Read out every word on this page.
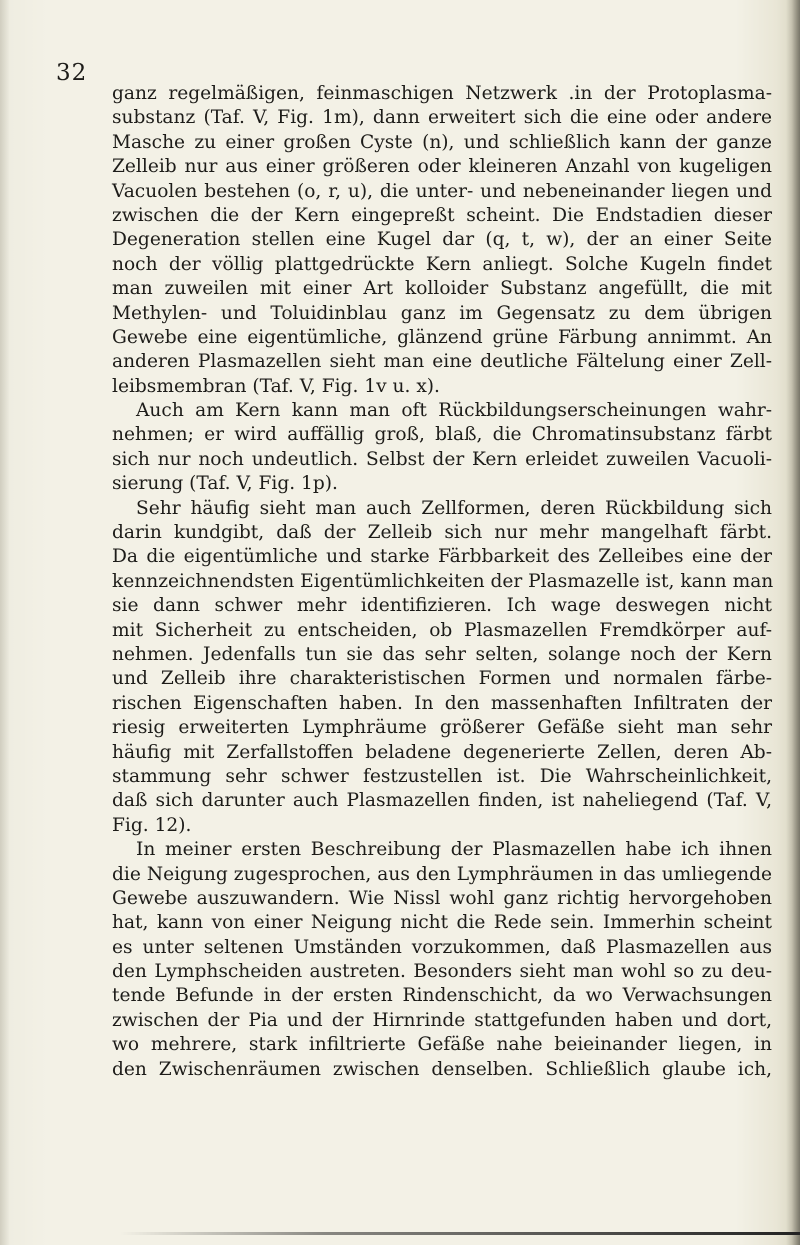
32
ganz regelmäßigen, feinmaschigen Netzwerk .in der Protoplasma-
substanz (Taf. V, Fig. 1m), dann erweitert sich die eine oder andere
Masche zu einer großen Cyste (n), und schließlich kann der ganze
Zelleib nur aus einer größeren oder kleineren Anzahl von kugeligen
Vacuolen bestehen (o, r, u), die unter- und nebeneinander liegen und
zwischen die der Kern eingepreßt scheint. Die Endstadien dieser
Degeneration stellen eine Kugel dar (q, t, w), der an einer Seite
noch der völlig plattgedrückte Kern anliegt. Solche Kugeln findet
man zuweilen mit einer Art kolloider Substanz angefüllt, die mit
Methylen- und Toluidinblau ganz im Gegensatz zu dem übrigen
Gewebe eine eigentümliche, glänzend grüne Färbung annimmt. An
anderen Plasmazellen sieht man eine deutliche Fältelung einer Zell-
leibsmembran (Taf. V, Fig. 1v u. x).
Auch am Kern kann man oft Rückbildungserscheinungen wahr-
nehmen; er wird auffällig groß, blaß, die Chromatinsubstanz färbt
sich nur noch undeutlich. Selbst der Kern erleidet zuweilen Vacuoli-
sierung (Taf. V, Fig. 1p).
Sehr häufig sieht man auch Zellformen, deren Rückbildung sich
darin kundgibt, daß der Zelleib sich nur mehr mangelhaft färbt.
Da die eigentümliche und starke Färbbarkeit des Zelleibes eine der
kennzeichnendsten Eigentümlichkeiten der Plasmazelle ist, kann man
sie dann schwer mehr identifizieren. Ich wage deswegen nicht
mit Sicherheit zu entscheiden, ob Plasmazellen Fremdkörper auf-
nehmen. Jedenfalls tun sie das sehr selten, solange noch der Kern
und Zelleib ihre charakteristischen Formen und normalen färbe-
rischen Eigenschaften haben. In den massenhaften Infiltraten der
riesig erweiterten Lymphräume größerer Gefäße sieht man sehr
häufig mit Zerfallstoffen beladene degenerierte Zellen, deren Ab-
stammung sehr schwer festzustellen ist. Die Wahrscheinlichkeit,
daß sich darunter auch Plasmazellen finden, ist naheliegend (Taf. V,
Fig. 12).
In meiner ersten Beschreibung der Plasmazellen habe ich ihnen
die Neigung zugesprochen, aus den Lymphräumen in das umliegende
Gewebe auszuwandern. Wie Nissl wohl ganz richtig hervorgehoben
hat, kann von einer Neigung nicht die Rede sein. Immerhin scheint
es unter seltenen Umständen vorzukommen, daß Plasmazellen aus
den Lymphscheiden austreten. Besonders sieht man wohl so zu deu-
tende Befunde in der ersten Rindenschicht, da wo Verwachsungen
zwischen der Pia und der Hirnrinde stattgefunden haben und dort,
wo mehrere, stark infiltrierte Gefäße nahe beieinander liegen, in
den Zwischenräumen zwischen denselben. Schließlich glaube ich,
